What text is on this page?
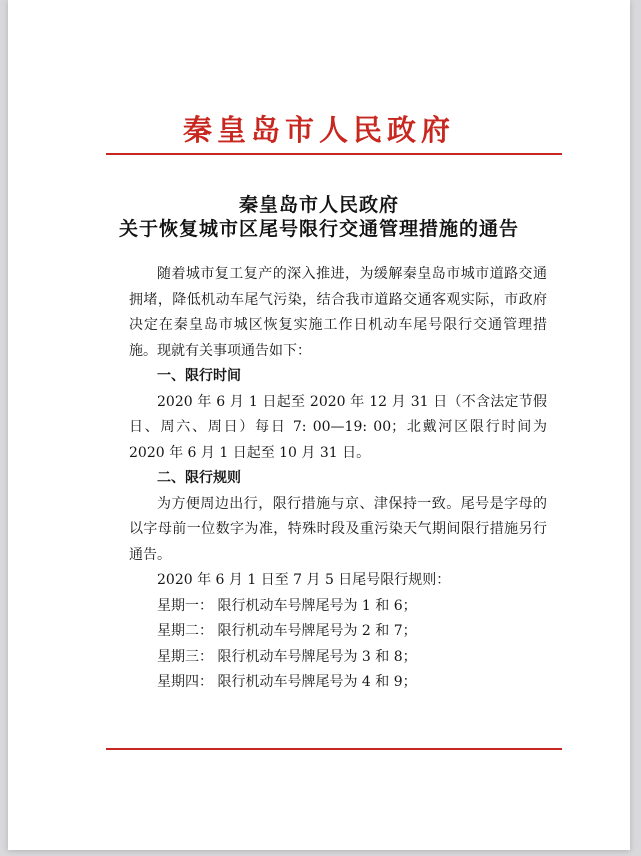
秦皇岛市人民政府
秦皇岛市人民政府
关于恢复城市区尾号限行交通管理措施的通告

随着城市复工复产的深入推进，为缓解秦皇岛市城市道路交通拥堵，降低机动车尾气污染，结合我市道路交通客观实际，市政府决定在秦皇岛市城区恢复实施工作日机动车尾号限行交通管理措施。现就有关事项通告如下：

一、限行时间

2020 年 6 月 1 日起至 2020 年 12 月 31 日（不含法定节假日、周六、周日）每日 7: 00—19: 00；北戴河区限行时间为 2020 年 6 月 1 日起至 10 月 31 日。

二、限行规则

为方便周边出行，限行措施与京、津保持一致。尾号是字母的以字母前一位数字为准，特殊时段及重污染天气期间限行措施另行通告。

2020 年 6 月 1 日至 7 月 5 日尾号限行规则：

星期一： 限行机动车号牌尾号为 1 和 6；
星期二： 限行机动车号牌尾号为 2 和 7；
星期三： 限行机动车号牌尾号为 3 和 8；
星期四： 限行机动车号牌尾号为 4 和 9；
